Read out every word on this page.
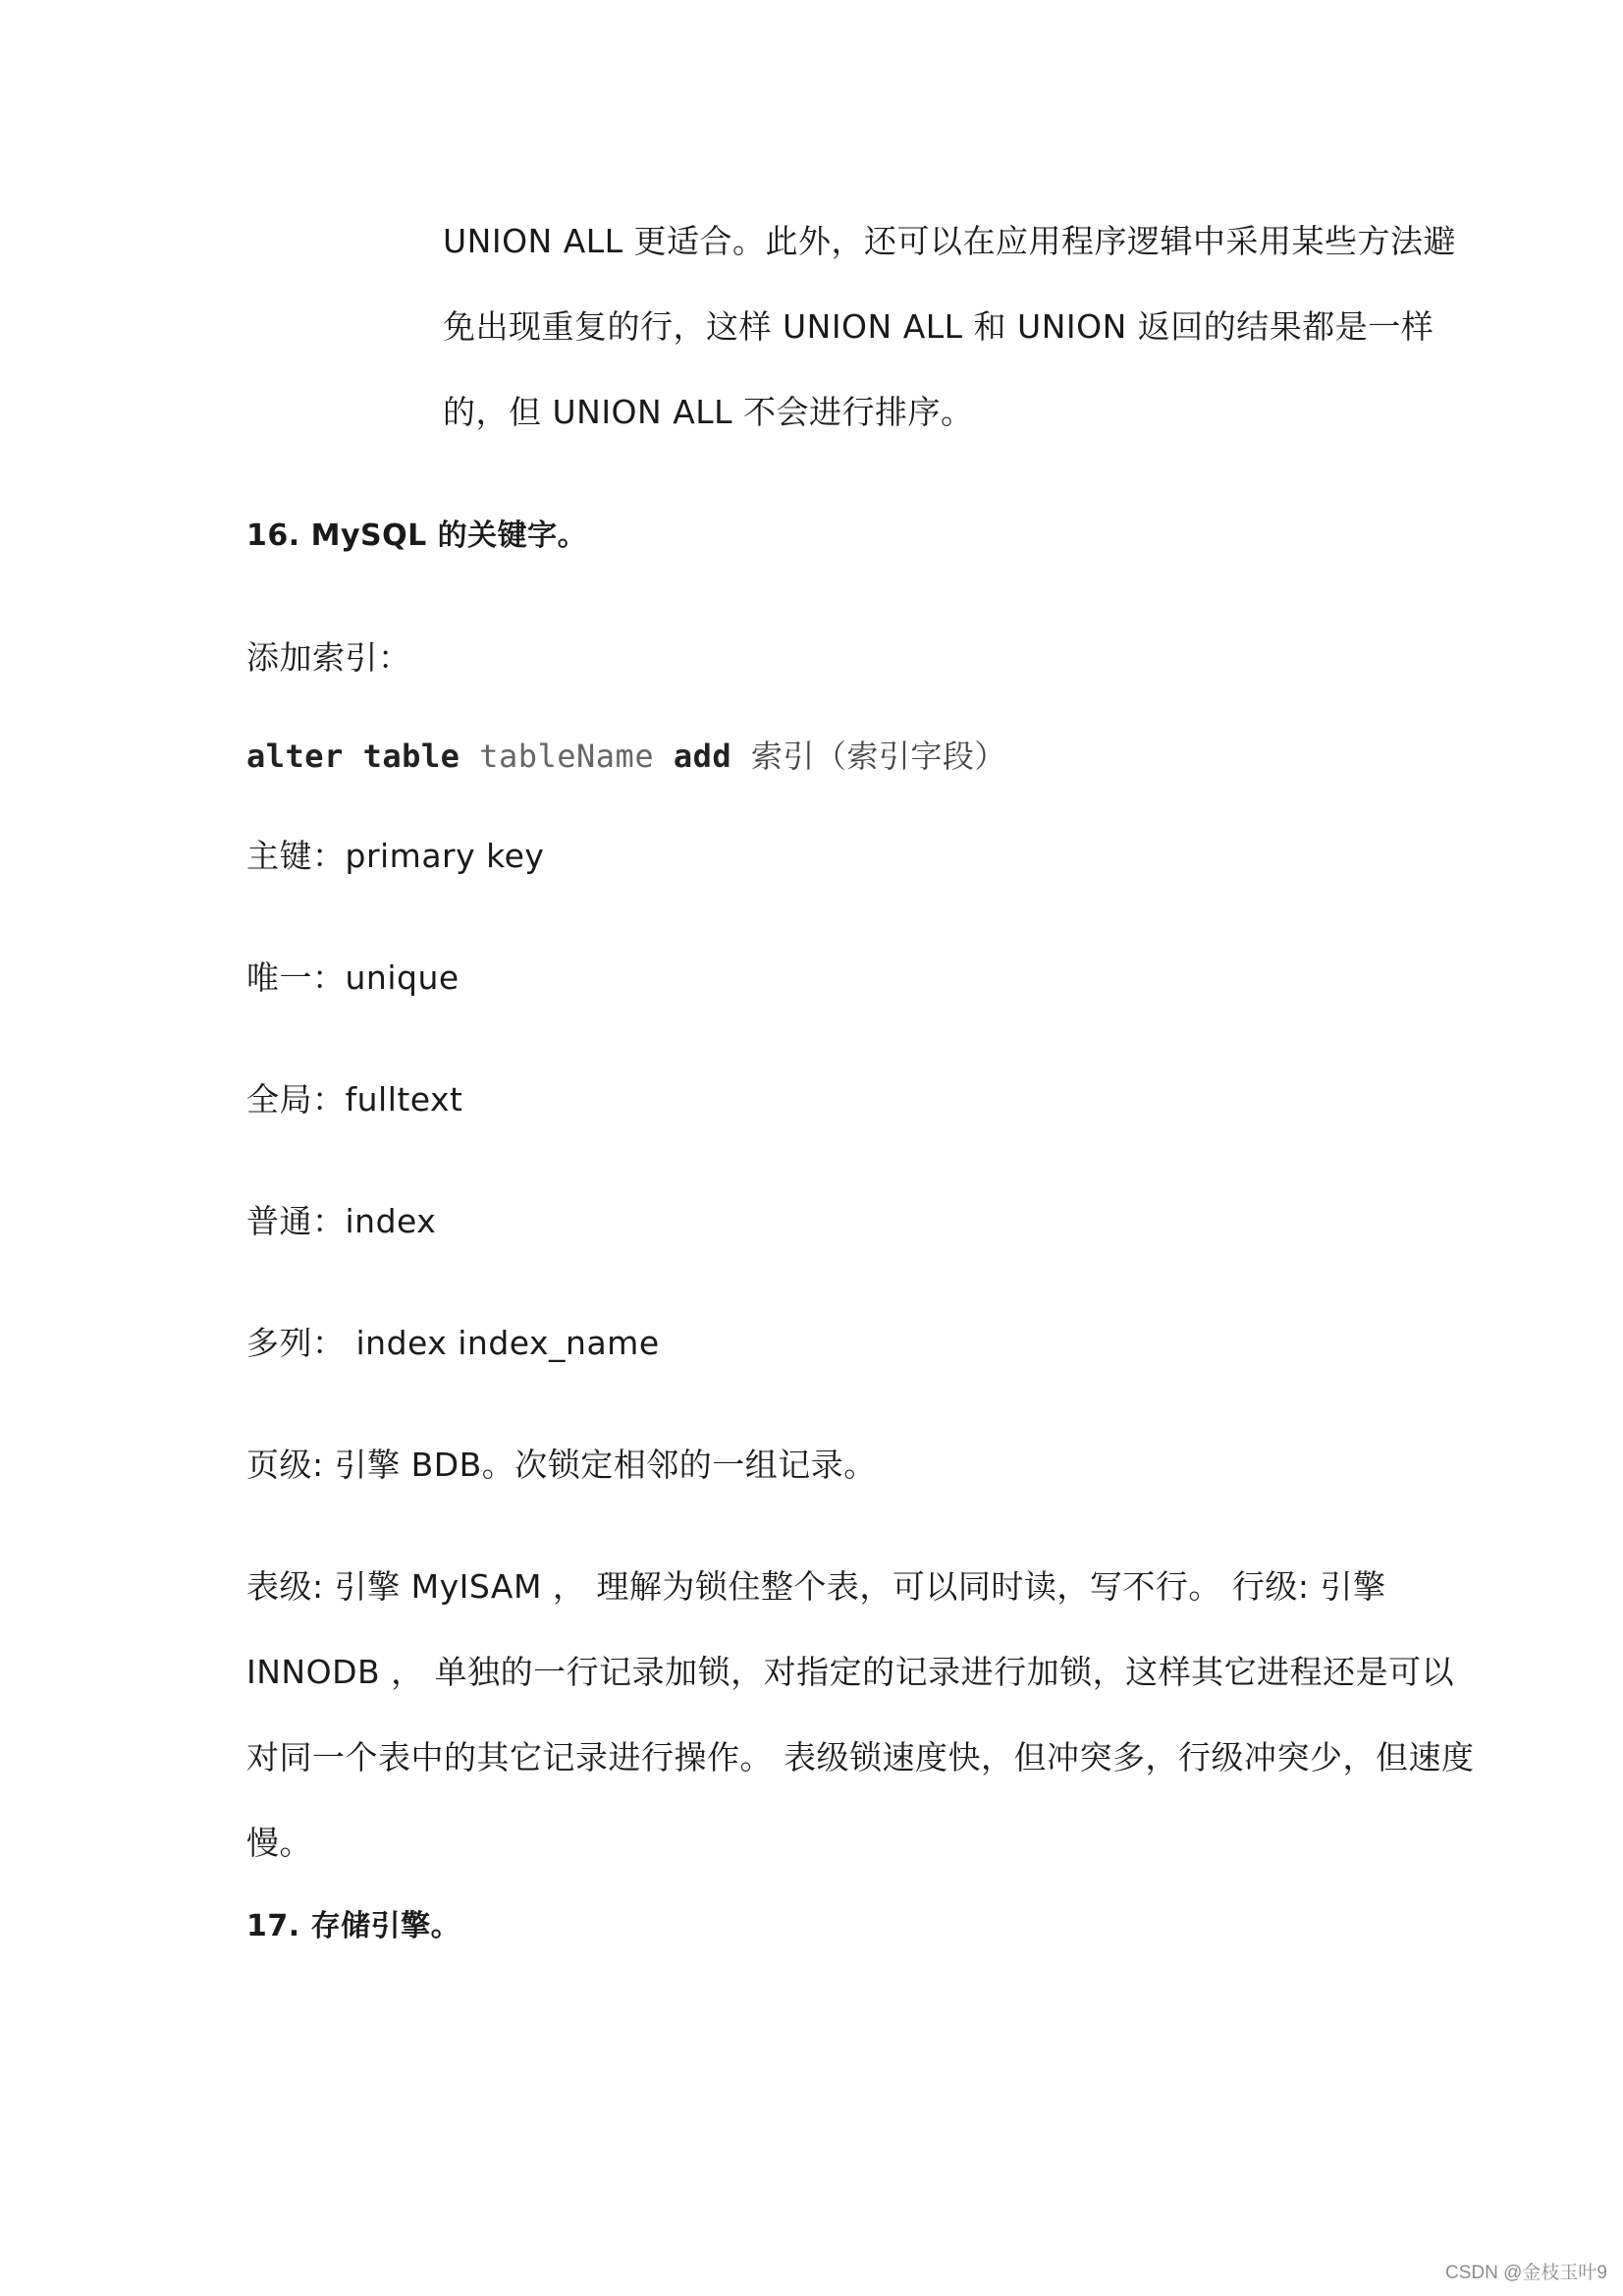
UNION ALL 更适合。此外，还可以在应用程序逻辑中采用某些方法避
免出现重复的行，这样 UNION ALL 和 UNION 返回的结果都是一样
的，但 UNION ALL 不会进行排序。
16. MySQL 的关键字。
添加索引：
alter table tableName add 索引（索引字段）
主键：primary key
唯一：unique
全局：fulltext
普通：index
多列： index index_name
页级: 引擎 BDB。次锁定相邻的一组记录。
表级: 引擎 MyISAM ， 理解为锁住整个表，可以同时读，写不行。 行级: 引擎
INNODB ， 单独的一行记录加锁，对指定的记录进行加锁，这样其它进程还是可以
对同一个表中的其它记录进行操作。 表级锁速度快，但冲突多，行级冲突少，但速度
慢。
17. 存储引擎。
CSDN @金枝玉叶9
